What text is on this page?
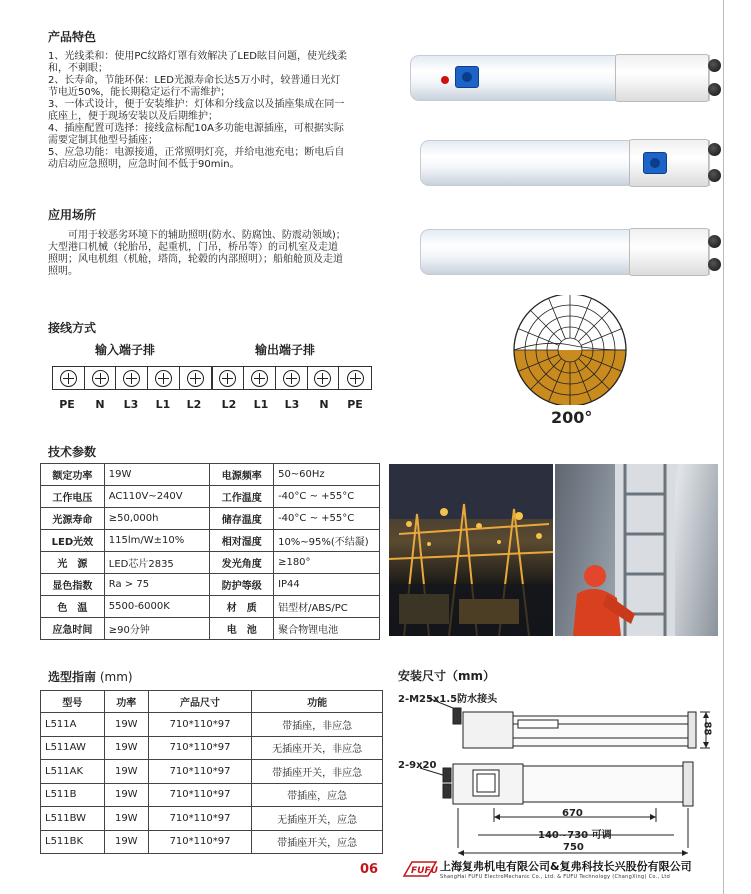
产品特色
1、光线柔和：使用PC纹路灯罩有效解决了LED眩目问题，使光线柔
和，不刺眼；
2、长寿命，节能环保：LED光源寿命长达5万小时，较普通日光灯
节电近50%，能长期稳定运行不需维护；
3、一体式设计，便于安装维护：灯体和分线盒以及插座集成在同一
底座上，便于现场安装以及后期维护；
4、插座配置可选择：接线盒标配10A多功能电源插座，可根据实际
需要定制其他型号插座；
5、应急功能：电源接通，正常照明灯亮，并给电池充电；断电后自
动启动应急照明，应急时间不低于90min。
应用场所
可用于较恶劣环境下的辅助照明(防水、防腐蚀、防震动领域)；
大型港口机械（轮胎吊，起重机，门吊，桥吊等）的司机室及走道
照明；风电机组（机舱，塔筒，轮毂的内部照明）；船舶舱顶及走道
照明。
200°
接线方式
输入端子排	输出端子排
PE	N	L3	L1	L2	L2	L1	L3	N	PE
技术参数
额定功率	19W	电源频率	50~60Hz
工作电压	AC110V~240V	工作温度	-40°C ~ +55°C
光源寿命	≥50,000h	储存温度	-40°C ~ +55°C
LED光效	115lm/W±10%	相对湿度	10%~95%(不结凝)
光　源	LED芯片2835	发光角度	≥180°
显色指数	Ra > 75	防护等级	IP44
色　温	5500-6000K	材　质	铝型材/ABS/PC
应急时间	≥90分钟	电　池	聚合物锂电池
选型指南 (mm)
型号	功率	产品尺寸	功能
L511A	19W	710*110*97	带插座，非应急
L511AW	19W	710*110*97	无插座开关，非应急
L511AK	19W	710*110*97	带插座开关，非应急
L511B	19W	710*110*97	带插座，应急
L511BW	19W	710*110*97	无插座开关，应急
L511BK	19W	710*110*97	带插座开关，应急
安装尺寸（mm）
2-M25x1.5防水接头
2-9x20
88
670
140~730 可调
750
06	FUFU 上海复弗机电有限公司&复弗科技长兴股份有限公司
ShangHai FUFU ElectroMechanic Co., Ltd. & FUFU Technology (ChangXing) Co., Ltd
